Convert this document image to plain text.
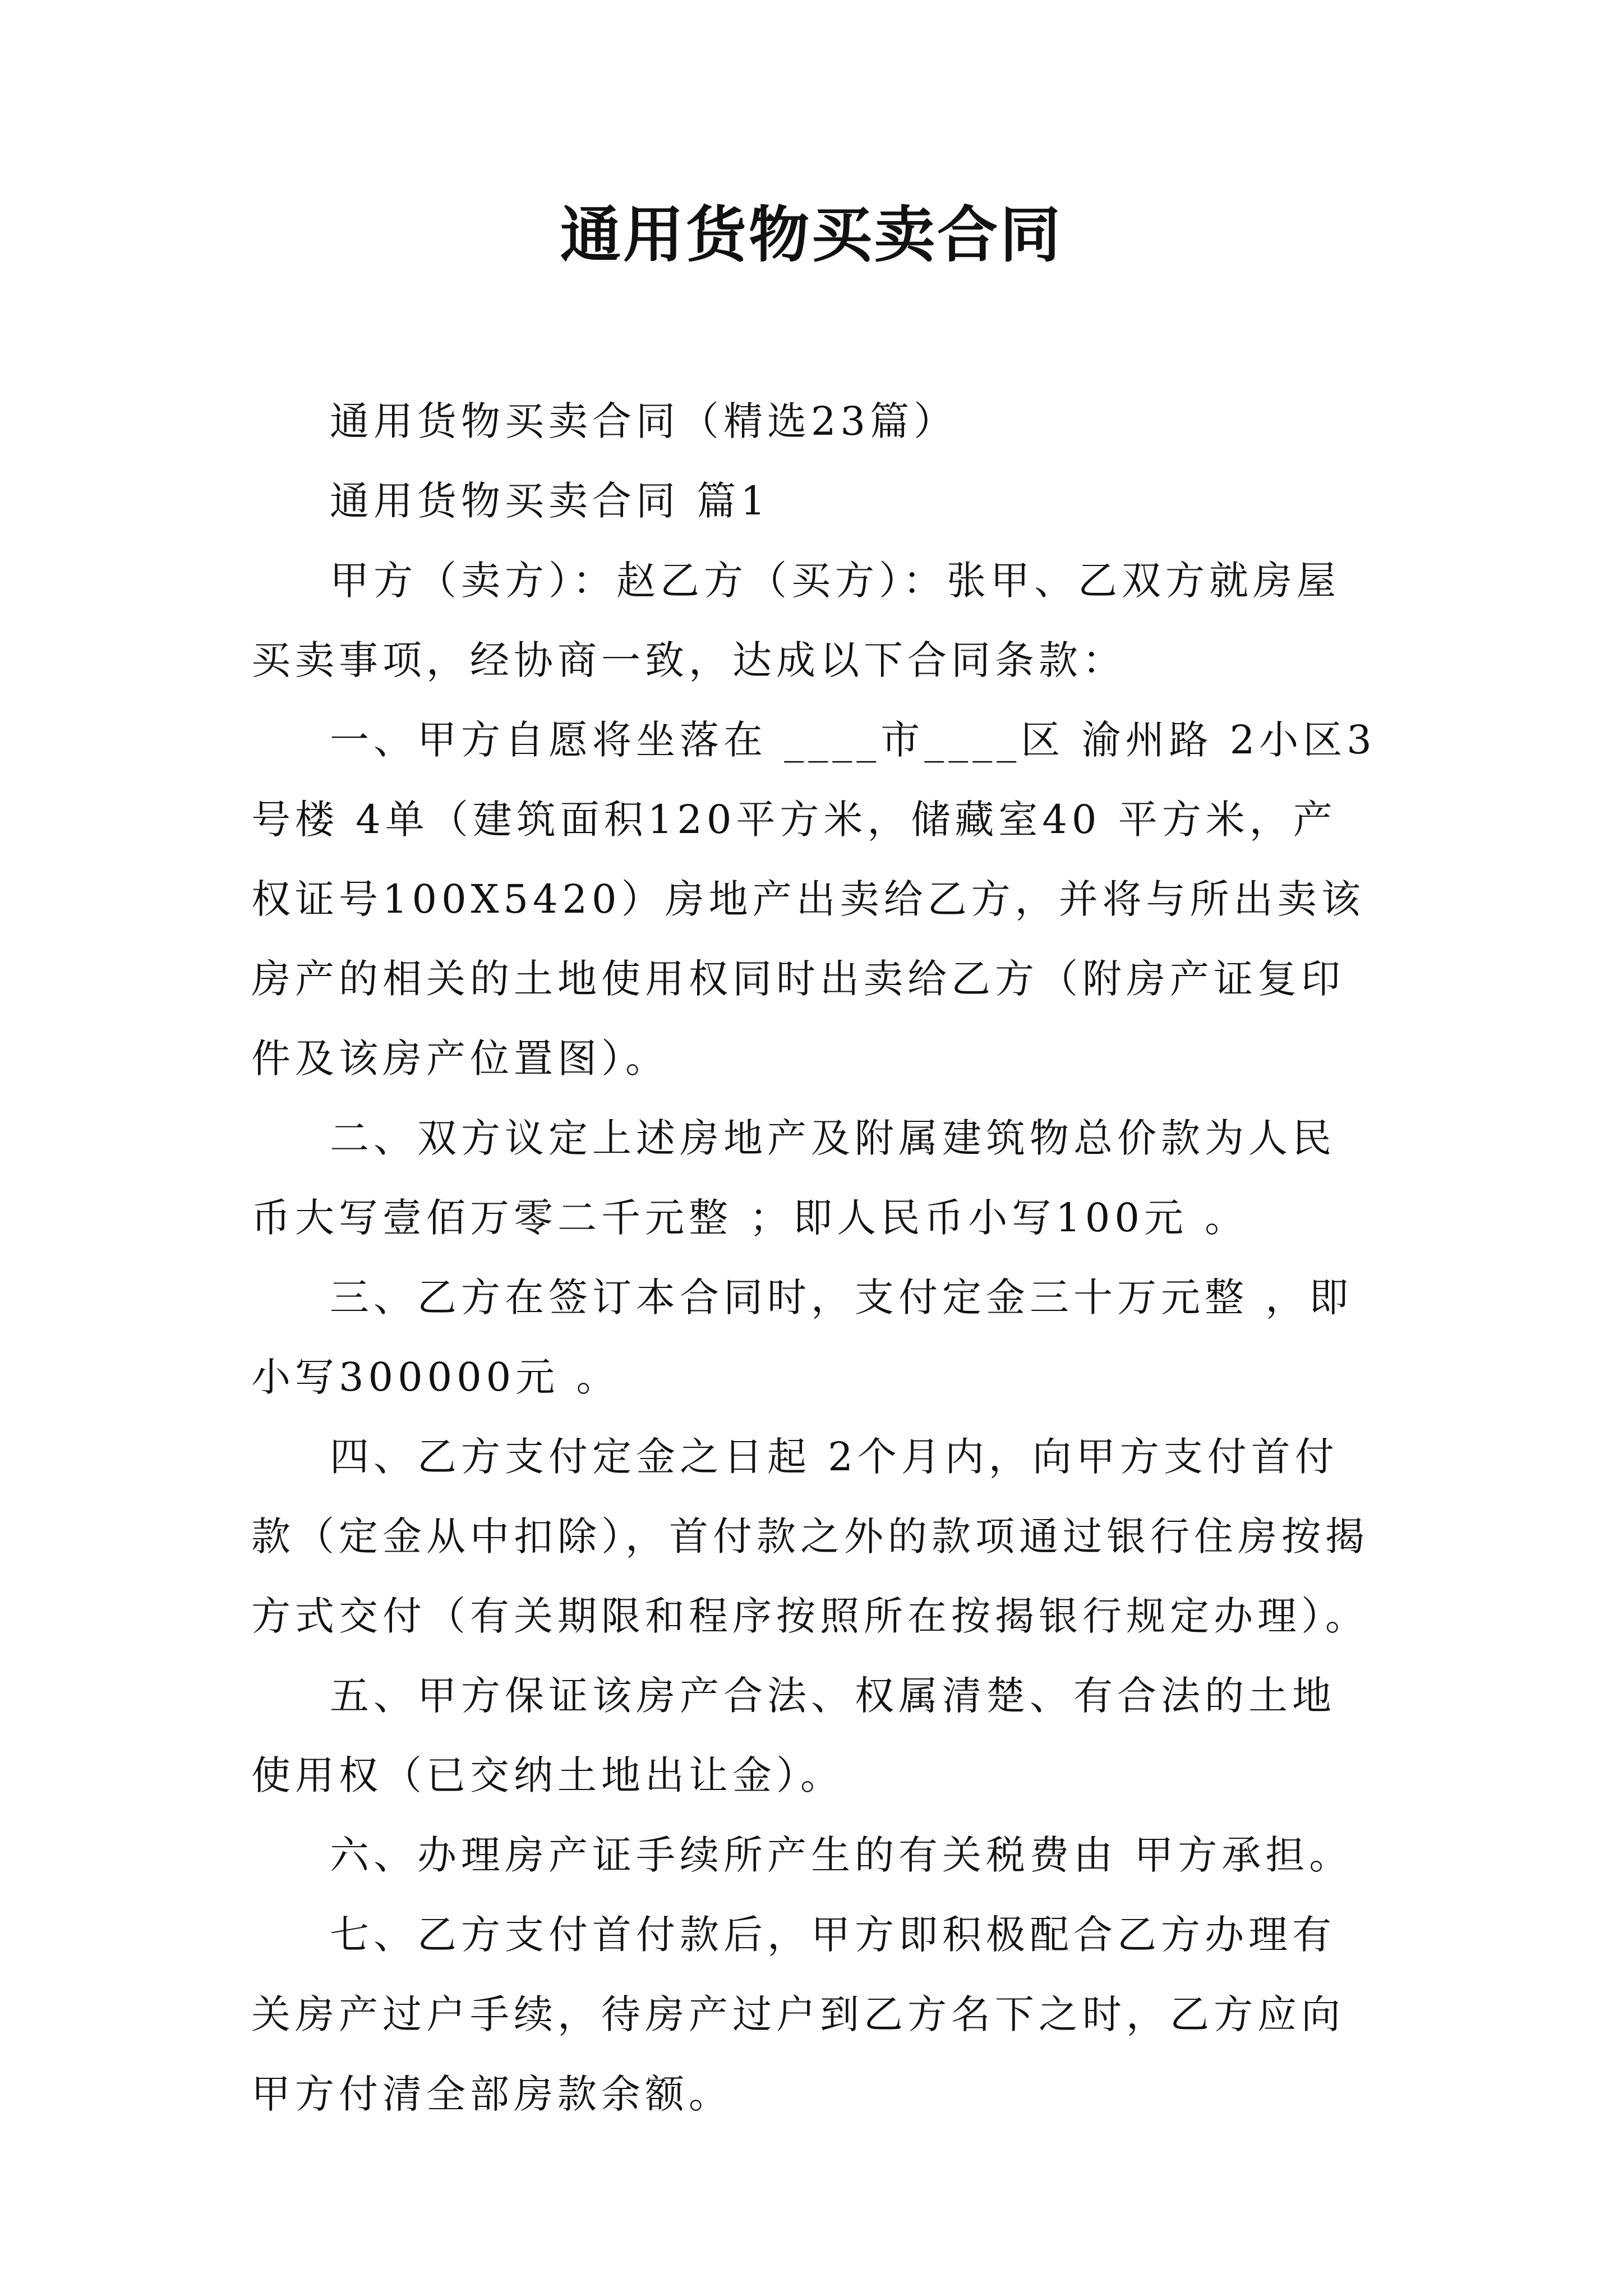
通用货物买卖合同

通用货物买卖合同（精选23篇）

通用货物买卖合同 篇1

甲方（卖方）：赵乙方（买方）：张甲、乙双方就房屋买卖事项，经协商一致，达成以下合同条款：

一、甲方自愿将坐落在 ____市____区 渝州路 2小区3号楼 4单（建筑面积120平方米，储藏室40 平方米，产权证号100X5420）房地产出卖给乙方，并将与所出卖该房产的相关的土地使用权同时出卖给乙方（附房产证复印件及该房产位置图）。

二、双方议定上述房地产及附属建筑物总价款为人民币大写壹佰万零二千元整 ；即人民币小写100元 。

三、乙方在签订本合同时，支付定金三十万元整 ，即小写300000元 。

四、乙方支付定金之日起 2个月内，向甲方支付首付款（定金从中扣除），首付款之外的款项通过银行住房按揭方式交付（有关期限和程序按照所在按揭银行规定办理）。

五、甲方保证该房产合法、权属清楚、有合法的土地使用权（已交纳土地出让金）。

六、办理房产证手续所产生的有关税费由 甲方承担。

七、乙方支付首付款后，甲方即积极配合乙方办理有关房产过户手续，待房产过户到乙方名下之时，乙方应向甲方付清全部房款余额。
